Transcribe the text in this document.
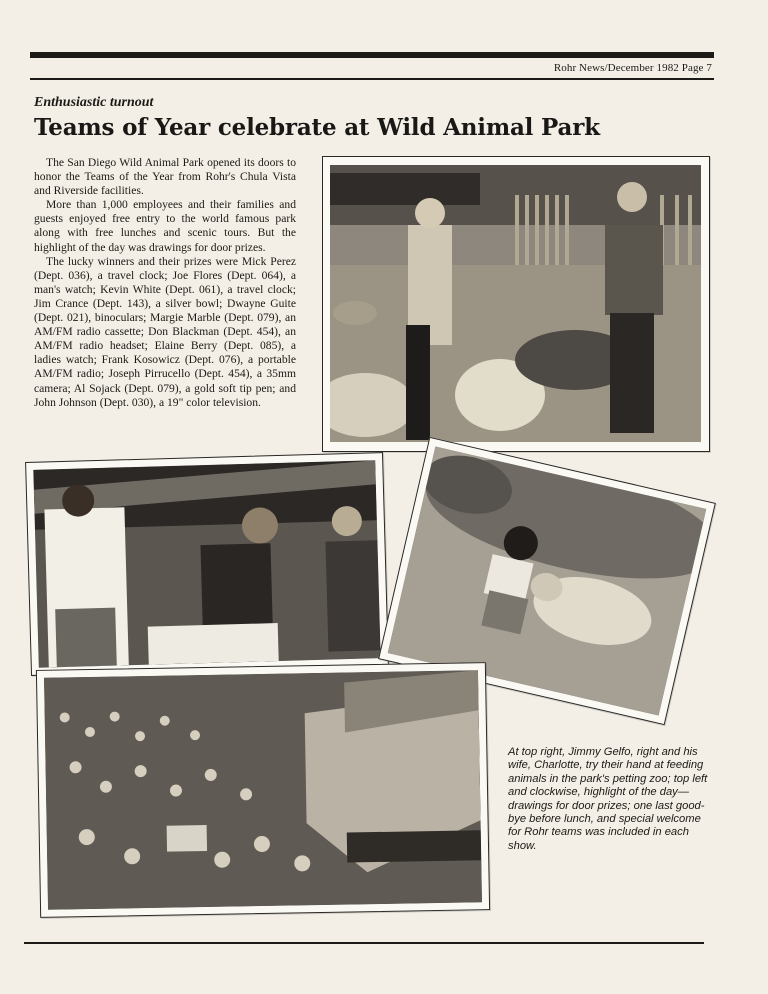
Rohr News/December 1982 Page 7
Enthusiastic turnout
Teams of Year celebrate at Wild Animal Park

The San Diego Wild Animal Park opened its doors to honor the Teams of the Year from Rohr's Chula Vista and Riverside facilities.

More than 1,000 employees and their families and guests enjoyed free entry to the world famous park along with free lunches and scenic tours. But the highlight of the day was drawings for door prizes.

The lucky winners and their prizes were Mick Perez (Dept. 036), a travel clock; Joe Flores (Dept. 064), a man's watch; Kevin White (Dept. 061), a travel clock; Jim Crance (Dept. 143), a silver bowl; Dwayne Guite (Dept. 021), binoculars; Margie Marble (Dept. 079), an AM/FM radio cassette; Don Blackman (Dept. 454), an AM/FM radio headset; Elaine Berry (Dept. 085), a ladies watch; Frank Kosowicz (Dept. 076), a portable AM/FM radio; Joseph Pirrucello (Dept. 454), a 35mm camera; Al Sojack (Dept. 079), a gold soft tip pen; and John Johnson (Dept. 030), a 19" color television.

At top right, Jimmy Gelfo, right and his wife, Charlotte, try their hand at feeding animals in the park's petting zoo; top left and clockwise, highlight of the day—drawings for door prizes; one last good-bye before lunch, and special welcome for Rohr teams was included in each show.
